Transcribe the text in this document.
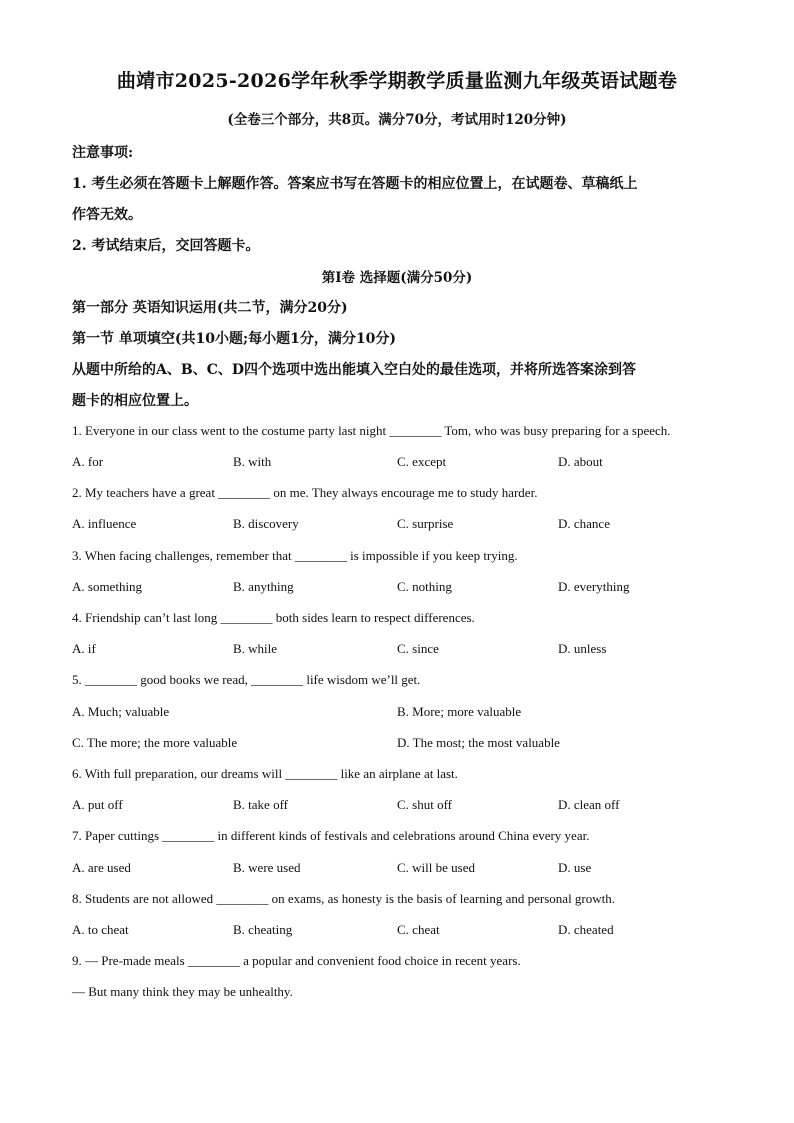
曲靖市2025-2026学年秋季学期教学质量监测九年级英语试题卷
(全卷三个部分，共8页。满分70分，考试用时120分钟)
注意事项:
1. 考生必须在答题卡上解题作答。答案应书写在答题卡的相应位置上，在试题卷、草稿纸上
作答无效。
2. 考试结束后，交回答题卡。
第Ⅰ卷 选择题(满分50分)
第一部分 英语知识运用(共二节，满分20分)
第一节 单项填空(共10小题;每小题1分，满分10分)
从题中所给的A、B、C、D四个选项中选出能填入空白处的最佳选项，并将所选答案涂到答
题卡的相应位置上。
1. Everyone in our class went to the costume party last night ________ Tom, who was busy preparing for a speech.
A. for	B. with	C. except	D. about
2. My teachers have a great ________ on me. They always encourage me to study harder.
A. influence	B. discovery	C. surprise	D. chance
3. When facing challenges, remember that ________ is impossible if you keep trying.
A. something	B. anything	C. nothing	D. everything
4. Friendship can’t last long ________ both sides learn to respect differences.
A. if	B. while	C. since	D. unless
5. ________ good books we read, ________ life wisdom we’ll get.
A. Much; valuable	B. More; more valuable
C. The more; the more valuable	D. The most; the most valuable
6. With full preparation, our dreams will ________ like an airplane at last.
A. put off	B. take off	C. shut off	D. clean off
7. Paper cuttings ________ in different kinds of festivals and celebrations around China every year.
A. are used	B. were used	C. will be used	D. use
8. Students are not allowed ________ on exams, as honesty is the basis of learning and personal growth.
A. to cheat	B. cheating	C. cheat	D. cheated
9. — Pre-made meals ________ a popular and convenient food choice in recent years.
— But many think they may be unhealthy.
